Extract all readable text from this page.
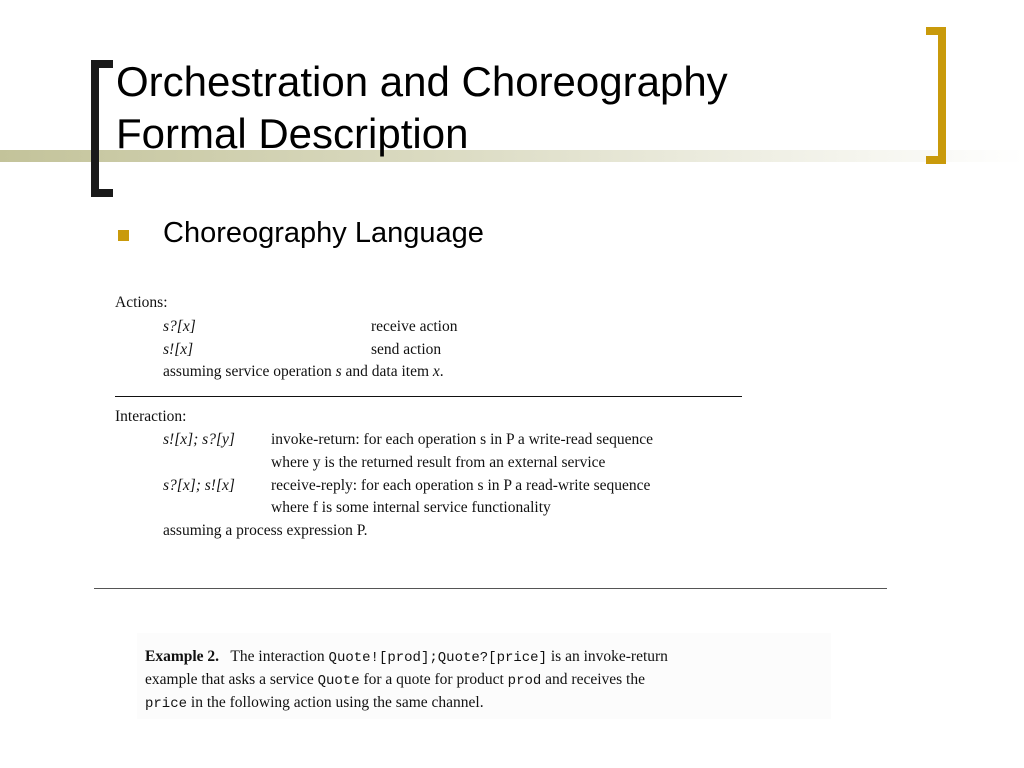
Orchestration and Choreography
Formal Description
Choreography Language
Actions:
s?[x]	receive action
s![x]	send action
assuming service operation s and data item x.
Interaction:
s![x]; s?[y] invoke-return: for each operation s in P a write-read sequence
where y is the returned result from an external service
s?[x]; s![x] receive-reply: for each operation s in P a read-write sequence
where f is some internal service functionality
assuming a process expression P.
Example 2. The interaction Quote![prod];Quote?[price] is an invoke-return
example that asks a service Quote for a quote for product prod and receives the
price in the following action using the same channel.
